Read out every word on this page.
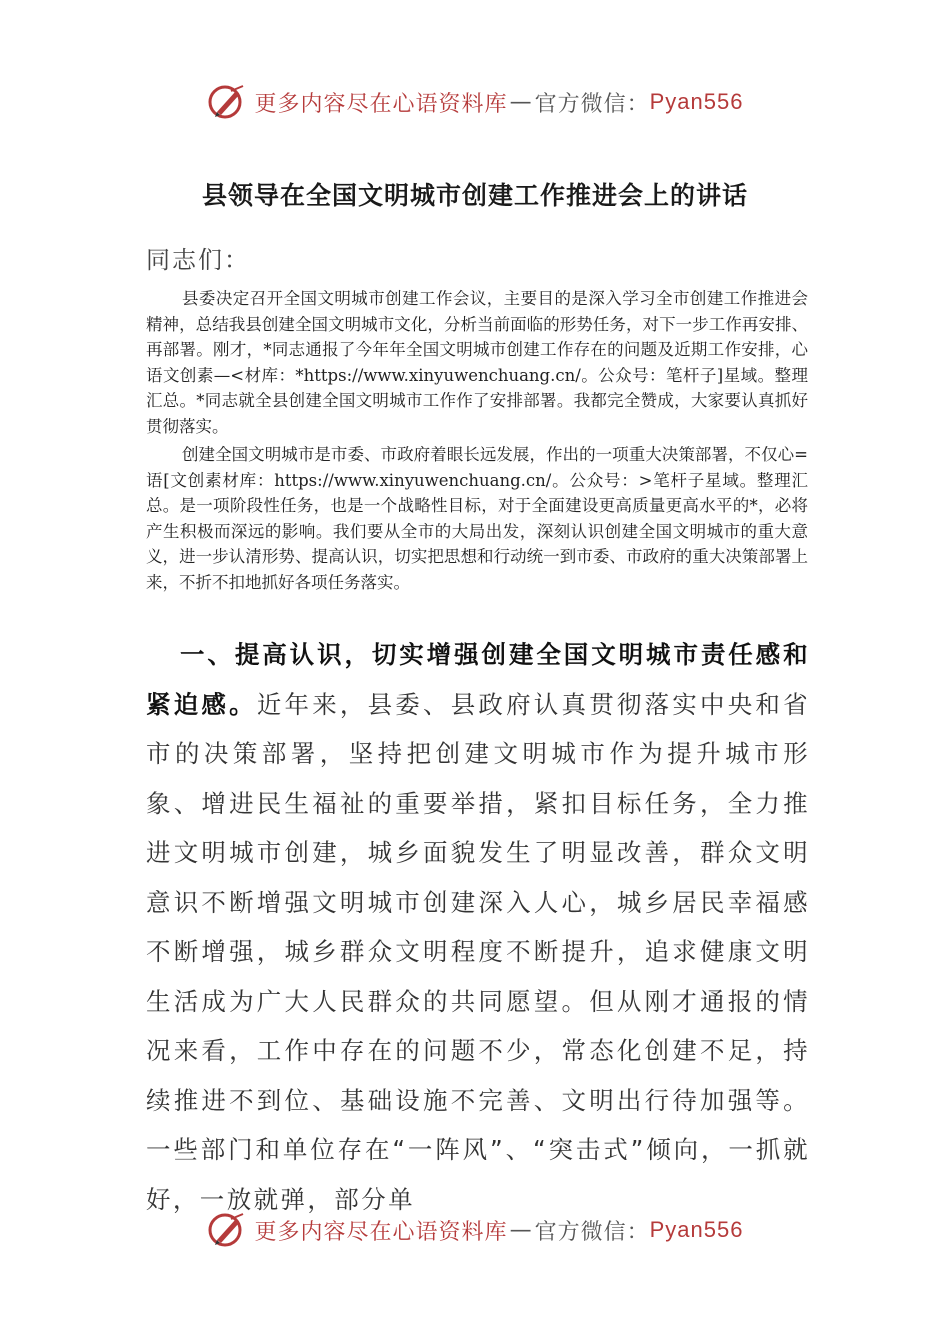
更多内容尽在心语资料库 — 官方微信： Pyan556
县领导在全国文明城市创建工作推进会上的讲话
同志们：

县委决定召开全国文明城市创建工作会议，主要目的是深入学习全市创建工作推进会精神，总结我县创建全国文明城市文化，分析当前面临的形势任务，对下一步工作再安排、再部署。刚才，*同志通报了今年年全国文明城市创建工作存在的问题及近期工作安排，心语文创素—<材库：*https://www.xinyuwenchuang.cn/。公众号：笔杆子]星域。整理汇总。*同志就全县创建全国文明城市工作作了安排部署。我都完全赞成，大家要认真抓好贯彻落实。

创建全国文明城市是市委、市政府着眼长远发展，作出的一项重大决策部署，不仅心=语[文创素材库：https://www.xinyuwenchuang.cn/。公众号：>笔杆子星域。整理汇总。是一项阶段性任务，也是一个战略性目标，对于全面建设更高质量更高水平的*，必将产生积极而深远的影响。我们要从全市的大局出发，深刻认识创建全国文明城市的重大意义，进一步认清形势、提高认识，切实把思想和行动统一到市委、市政府的重大决策部署上来，不折不扣地抓好各项任务落实。

一、提高认识，切实增强创建全国文明城市责任感和紧迫感。近年来，县委、县政府认真贯彻落实中央和省市的决策部署，坚持把创建文明城市作为提升城市形象、增进民生福祉的重要举措，紧扣目标任务，全力推进文明城市创建，城乡面貌发生了明显改善，群众文明意识不断增强文明城市创建深入人心，城乡居民幸福感不断增强，城乡群众文明程度不断提升，追求健康文明生活成为广大人民群众的共同愿望。但从刚才通报的情况来看，工作中存在的问题不少，常态化创建不足，持续推进不到位、基础设施不完善、文明出行待加强等。一些部门和单位存在“一阵风”、“突击式”倾向，一抓就好，一放就弹，部分单

更多内容尽在心语资料库 — 官方微信： Pyan556
